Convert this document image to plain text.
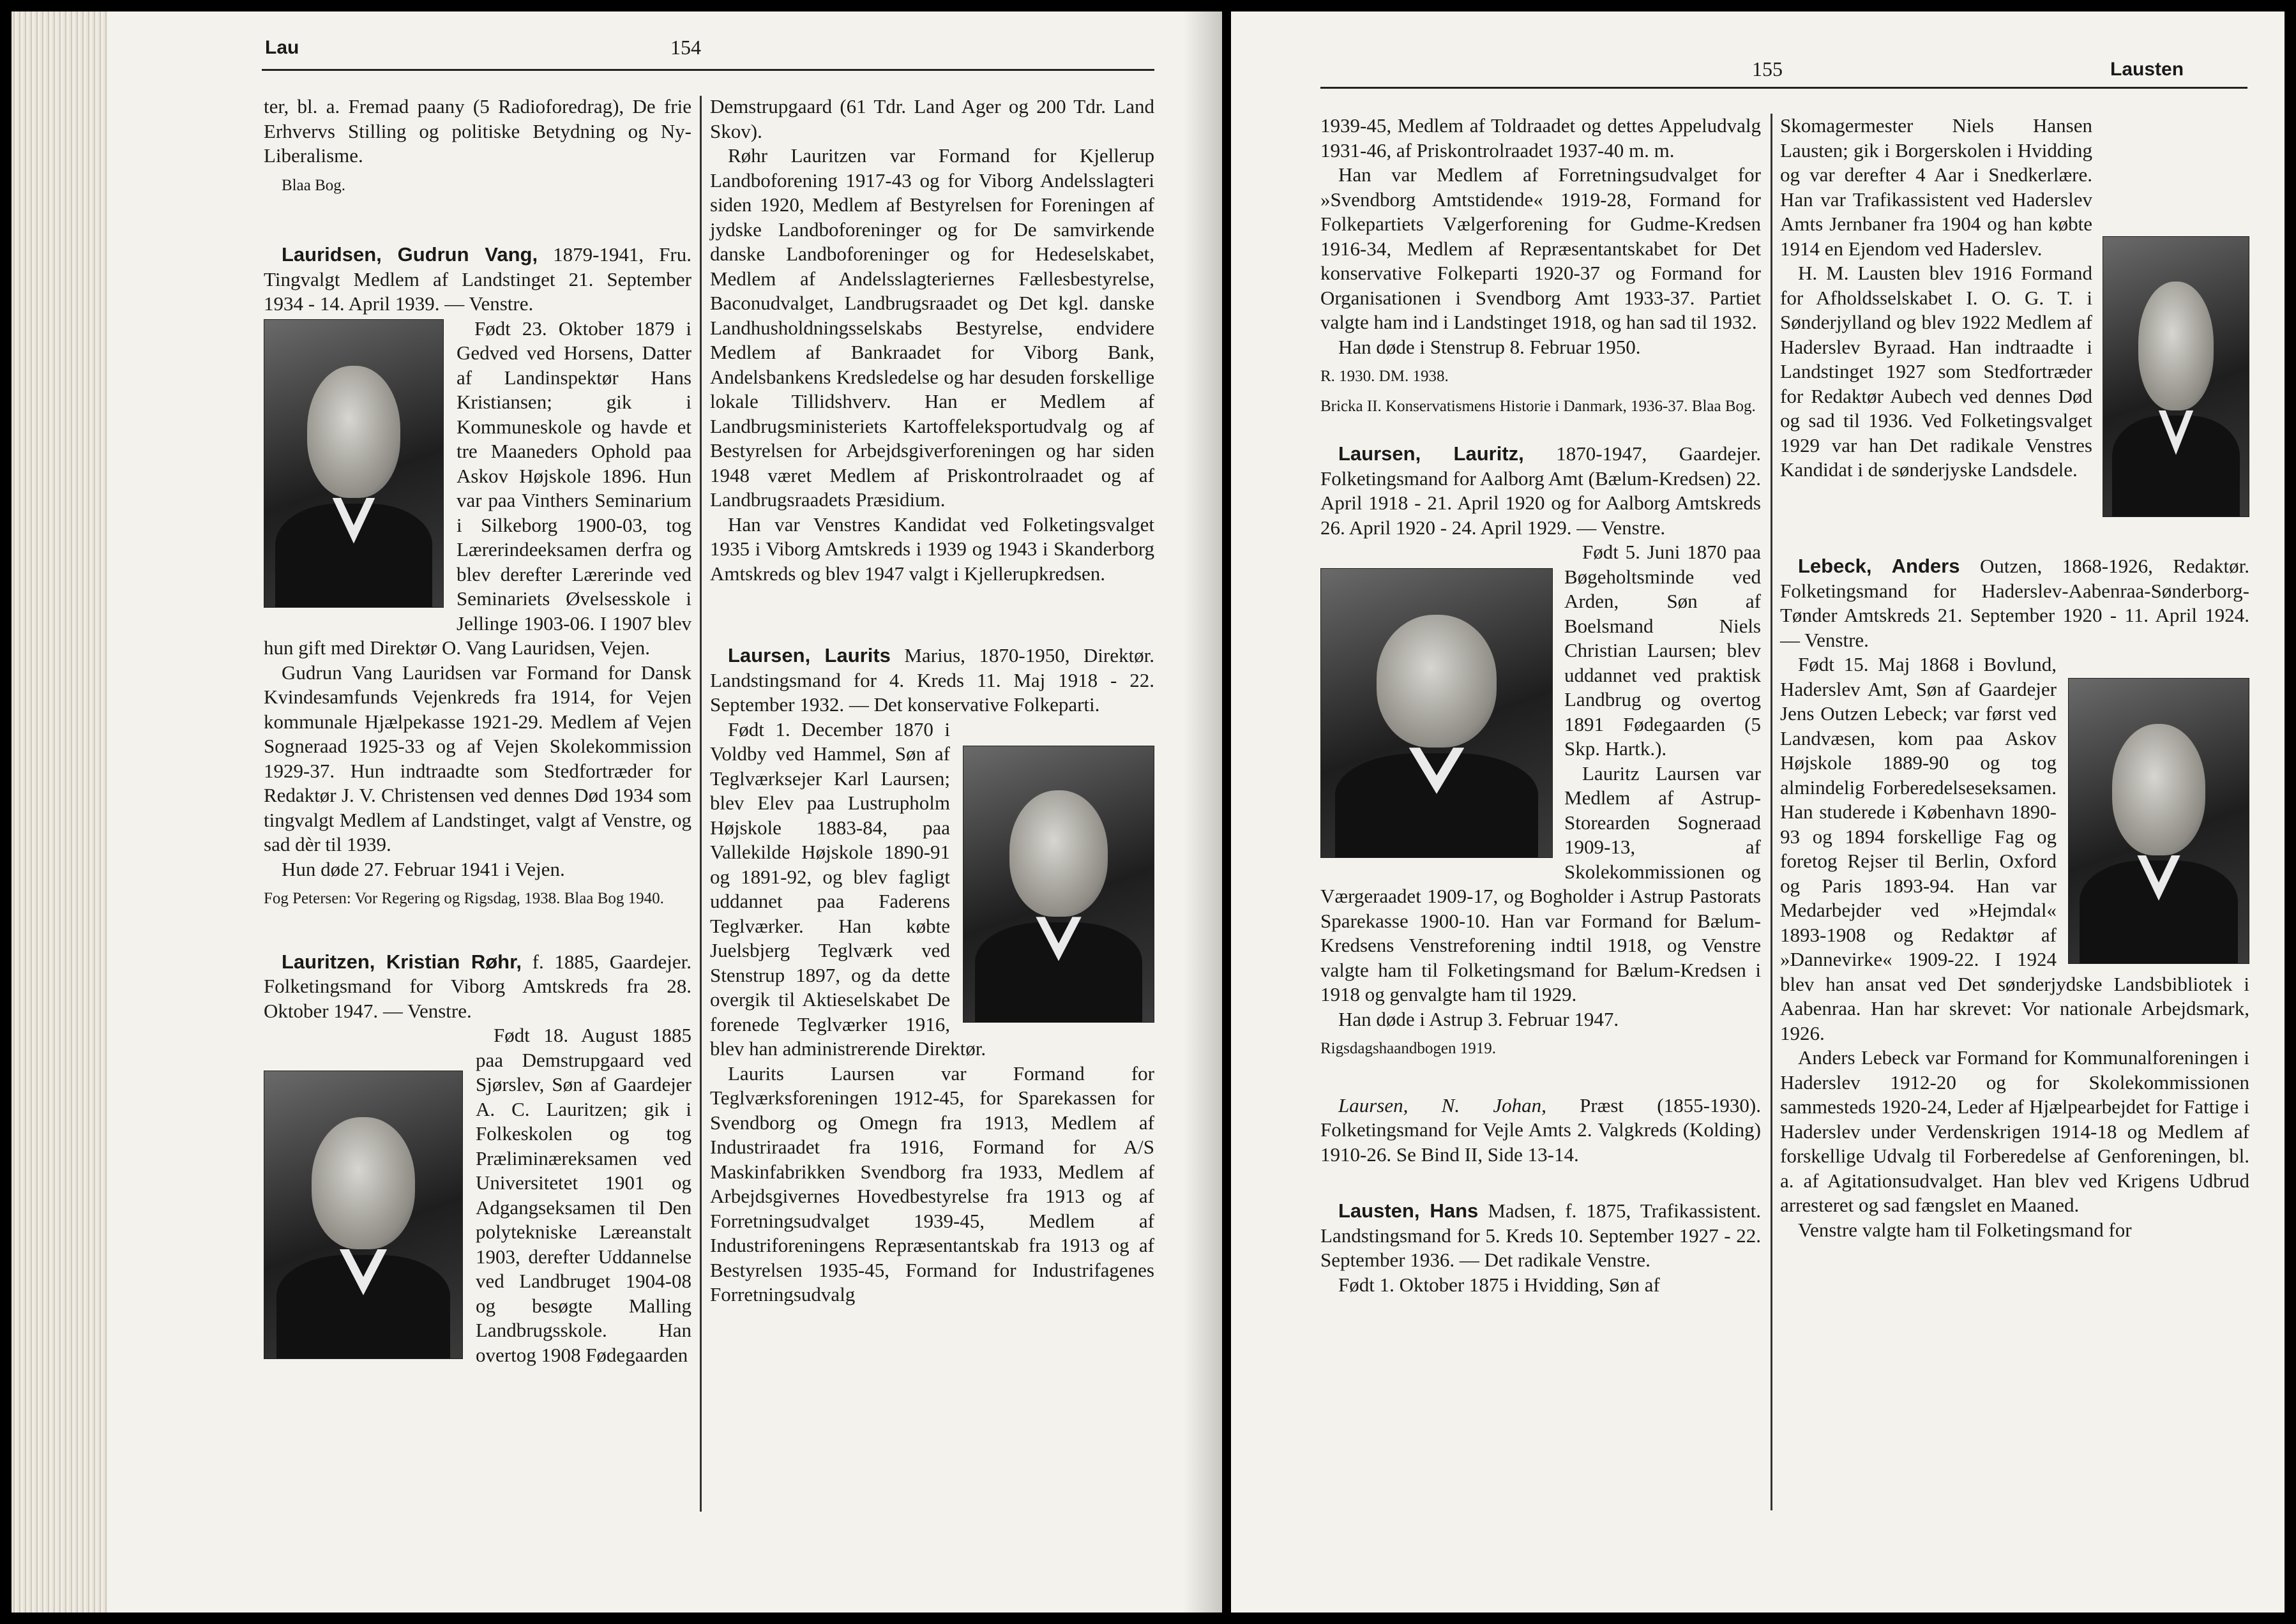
Lau	154

ter, bl. a. Fremad paany (5 Radioforedrag), De frie Erhvervs Stilling og politiske Betydning og Ny-Liberalisme.

Blaa Bog.

Lauridsen, Gudrun Vang, 1879-1941, Fru. Tingvalgt Medlem af Landstinget 21. September 1934 - 14. April 1939. — Venstre.

Født 23. Oktober 1879 i Gedved ved Horsens, Datter af Landinspektør Hans Kristiansen; gik i Kommuneskole og havde et tre Maaneders Ophold paa Askov Højskole 1896. Hun var paa Vinthers Seminarium i Silkeborg 1900-03, tog Lærerindeeksamen derfra og blev derefter Lærerinde ved Seminariets Øvelsesskole i Jellinge 1903-06. I 1907 blev hun gift med Direktør O. Vang Lauridsen, Vejen.

Gudrun Vang Lauridsen var Formand for Dansk Kvindesamfunds Vejenkreds fra 1914, for Vejen kommunale Hjælpekasse 1921-29. Medlem af Vejen Sogneraad 1925-33 og af Vejen Skolekommission 1929-37. Hun indtraadte som Stedfortræder for Redaktør J. V. Christensen ved dennes Død 1934 som tingvalgt Medlem af Landstinget, valgt af Venstre, og sad dèr til 1939.

Hun døde 27. Februar 1941 i Vejen.

Fog Petersen: Vor Regering og Rigsdag, 1938. Blaa Bog 1940.

Lauritzen, Kristian Røhr, f. 1885, Gaardejer. Folketingsmand for Viborg Amtskreds fra 28. Oktober 1947. — Venstre.

Født 18. August 1885 paa Demstrupgaard ved Sjørslev, Søn af Gaardejer A. C. Lauritzen; gik i Folkeskolen og tog Præliminæreksamen ved Universitetet 1901 og Adgangseksamen til Den polytekniske Læreanstalt 1903, derefter Uddannelse ved Landbruget 1904-08 og besøgte Malling Landbrugsskole. Han overtog 1908 Fødegaarden

Demstrupgaard (61 Tdr. Land Ager og 200 Tdr. Land Skov).

Røhr Lauritzen var Formand for Kjellerup Landboforening 1917-43 og for Viborg Andelsslagteri siden 1920, Medlem af Bestyrelsen for Foreningen af jydske Landboforeninger og for De samvirkende danske Landboforeninger og for Hedeselskabet, Medlem af Andelsslagteriernes Fællesbestyrelse, Baconudvalget, Landbrugsraadet og Det kgl. danske Landhusholdningsselskabs Bestyrelse, endvidere Medlem af Bankraadet for Viborg Bank, Andelsbankens Kredsledelse og har desuden forskellige lokale Tillidshverv. Han er Medlem af Landbrugsministeriets Kartoffeleksportudvalg og af Bestyrelsen for Arbejdsgiverforeningen og har siden 1948 været Medlem af Priskontrolraadet og af Landbrugsraadets Præsidium.

Han var Venstres Kandidat ved Folketingsvalget 1935 i Viborg Amtskreds i 1939 og 1943 i Skanderborg Amtskreds og blev 1947 valgt i Kjellerupkredsen.

Laursen, Laurits Marius, 1870-1950, Direktør. Landstingsmand for 4. Kreds 11. Maj 1918 - 22. September 1932. — Det konservative Folkeparti.

Født 1. December 1870 i Voldby ved Hammel, Søn af Teglværksejer Karl Laursen; blev Elev paa Lustrupholm Højskole 1883-84, paa Vallekilde Højskole 1890-91 og 1891-92, og blev fagligt uddannet paa Faderens Teglværker. Han købte Juelsbjerg Teglværk ved Stenstrup 1897, og da dette overgik til Aktieselskabet De forenede Teglværker 1916, blev han administrerende Direktør.

Laurits Laursen var Formand for Teglværksforeningen 1912-45, for Sparekassen for Svendborg og Omegn fra 1913, Medlem af Industriraadet fra 1916, Formand for A/S Maskinfabrikken Svendborg fra 1933, Medlem af Arbejdsgivernes Hovedbestyrelse fra 1913 og af Forretningsudvalget 1939-45, Medlem af Industriforeningens Repræsentantskab fra 1913 og af Bestyrelsen 1935-45, Formand for Industrifagenes Forretningsudvalg

155	Lausten

1939-45, Medlem af Toldraadet og dettes Appeludvalg 1931-46, af Priskontrolraadet 1937-40 m. m.

Han var Medlem af Forretningsudvalget for »Svendborg Amtstidende« 1919-28, Formand for Folkepartiets Vælgerforening for Gudme-Kredsen 1916-34, Medlem af Repræsentantskabet for Det konservative Folkeparti 1920-37 og Formand for Organisationen i Svendborg Amt 1933-37. Partiet valgte ham ind i Landstinget 1918, og han sad til 1932.

Han døde i Stenstrup 8. Februar 1950.

R. 1930. DM. 1938.
Bricka II. Konservatismens Historie i Danmark, 1936-37. Blaa Bog.

Laursen, Lauritz, 1870-1947, Gaardejer. Folketingsmand for Aalborg Amt (Bælum-Kredsen) 22. April 1918 - 21. April 1920 og for Aalborg Amtskreds 26. April 1920 - 24. April 1929. — Venstre.

Født 5. Juni 1870 paa Bøgeholtsminde ved Arden, Søn af Boelsmand Niels Christian Laursen; blev uddannet ved praktisk Landbrug og overtog 1891 Fødegaarden (5 Skp. Hartk.).

Lauritz Laursen var Medlem af Astrup-Storearden Sogneraad 1909-13, af Skolekommissionen og Værgeraadet 1909-17, og Bogholder i Astrup Pastorats Sparekasse 1900-10. Han var Formand for Bælum-Kredsens Venstreforening indtil 1918, og Venstre valgte ham til Folketingsmand for Bælum-Kredsen i 1918 og genvalgte ham til 1929.

Han døde i Astrup 3. Februar 1947.

Rigsdagshaandbogen 1919.

Laursen, N. Johan, Præst (1855-1930). Folketingsmand for Vejle Amts 2. Valgkreds (Kolding) 1910-26. Se Bind II, Side 13-14.

Lausten, Hans Madsen, f. 1875, Trafikassistent. Landstingsmand for 5. Kreds 10. September 1927 - 22. September 1936. — Det radikale Venstre.

Født 1. Oktober 1875 i Hvidding, Søn af

Skomagermester Niels Hansen Lausten; gik i Borgerskolen i Hvidding og var derefter 4 Aar i Snedkerlære. Han var Trafikassistent ved Haderslev Amts Jernbaner fra 1904 og han købte 1914 en Ejendom ved Haderslev.

H. M. Lausten blev 1916 Formand for Afholdsselskabet I. O. G. T. i Sønderjylland og blev 1922 Medlem af Haderslev Byraad. Han indtraadte i Landstinget 1927 som Stedfortræder for Redaktør Aubech ved dennes Død og sad til 1936. Ved Folketingsvalget 1929 var han Det radikale Venstres Kandidat i de sønderjyske Landsdele.

Lebeck, Anders Outzen, 1868-1926, Redaktør. Folketingsmand for Haderslev-Aabenraa-Sønderborg-Tønder Amtskreds 21. September 1920 - 11. April 1924. — Venstre.

Født 15. Maj 1868 i Bovlund, Haderslev Amt, Søn af Gaardejer Jens Outzen Lebeck; var først ved Landvæsen, kom paa Askov Højskole 1889-90 og tog almindelig Forberedelseseksamen. Han studerede i København 1890-93 og 1894 forskellige Fag og foretog Rejser til Berlin, Oxford og Paris 1893-94. Han var Medarbejder ved »Hejmdal« 1893-1908 og Redaktør af »Dannevirke« 1909-22. I 1924 blev han ansat ved Det sønderjydske Landsbibliotek i Aabenraa. Han har skrevet: Vor nationale Arbejdsmark, 1926.

Anders Lebeck var Formand for Kommunalforeningen i Haderslev 1912-20 og for Skolekommissionen sammesteds 1920-24, Leder af Hjælpearbejdet for Fattige i Haderslev under Verdenskrigen 1914-18 og Medlem af forskellige Udvalg til Forberedelse af Genforeningen, bl. a. af Agitationsudvalget. Han blev ved Krigens Udbrud arresteret og sad fængslet en Maaned.

Venstre valgte ham til Folketingsmand for
